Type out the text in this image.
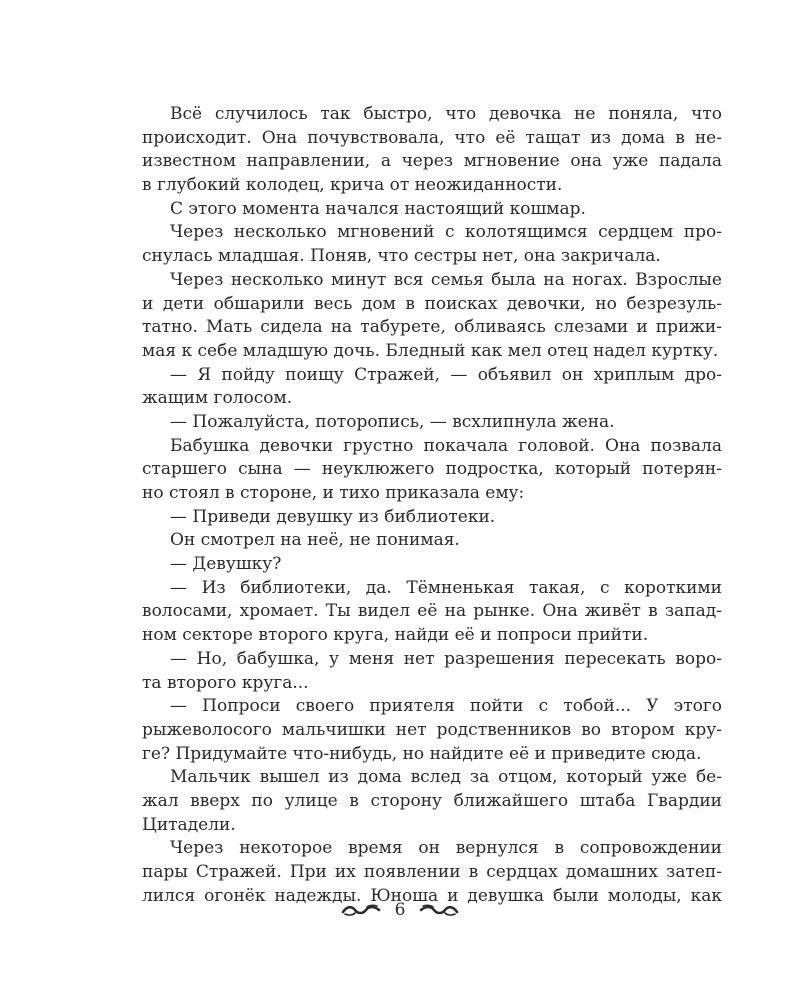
Всё случилось так быстро, что девочка не поняла, что
происходит. Она почувствовала, что её тащат из дома в не-
известном направлении, а через мгновение она уже падала
в глубокий колодец, крича от неожиданности.
С этого момента начался настоящий кошмар.
Через несколько мгновений с колотящимся сердцем про-
снулась младшая. Поняв, что сестры нет, она закричала.
Через несколько минут вся семья была на ногах. Взрослые
и дети обшарили весь дом в поисках девочки, но безрезуль-
татно. Мать сидела на табурете, обливаясь слезами и прижи-
мая к себе младшую дочь. Бледный как мел отец надел куртку.
— Я пойду поищу Стражей, — объявил он хриплым дро-
жащим голосом.
— Пожалуйста, поторопись, — всхлипнула жена.
Бабушка девочки грустно покачала головой. Она позвала
старшего сына — неуклюжего подростка, который потерян-
но стоял в стороне, и тихо приказала ему:
— Приведи девушку из библиотеки.
Он смотрел на неё, не понимая.
— Девушку?
— Из библиотеки, да. Тёмненькая такая, с короткими
волосами, хромает. Ты видел её на рынке. Она живёт в запад-
ном секторе второго круга, найди её и попроси прийти.
— Но, бабушка, у меня нет разрешения пересекать воро-
та второго круга...
— Попроси своего приятеля пойти с тобой... У этого
рыжеволосого мальчишки нет родственников во втором кру-
ге? Придумайте что-нибудь, но найдите её и приведите сюда.
Мальчик вышел из дома вслед за отцом, который уже бе-
жал вверх по улице в сторону ближайшего штаба Гвардии
Цитадели.
Через некоторое время он вернулся в сопровождении
пары Стражей. При их появлении в сердцах домашних затеп-
лился огонёк надежды. Юноша и девушка были молоды, как
6
